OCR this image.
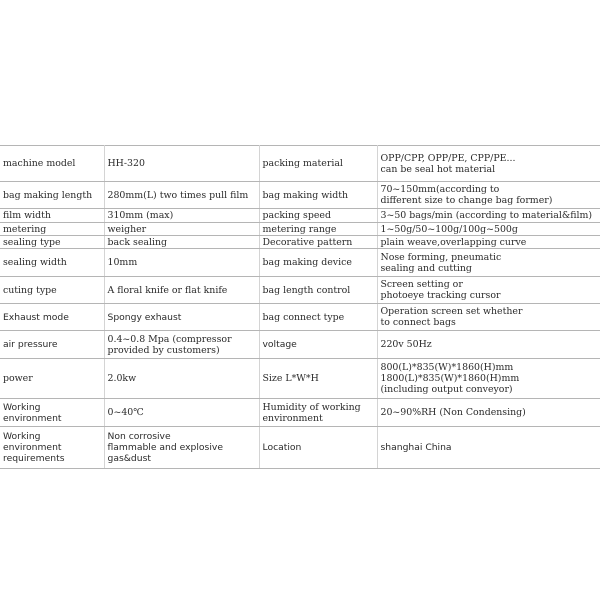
machine model	HH-320	packing material	OPP/CPP, OPP/PE, CPP/PE...
can be seal hot material
bag making length	280mm(L) two times pull film	bag making width	70~150mm(according to
different size to change bag former)
film width	310mm (max)	packing speed	3~50 bags/min (according to material&film)
metering	weigher	metering range	1~50g/50~100g/100g~500g
sealing type	back sealing	Decorative pattern	plain weave,overlapping curve
sealing width	10mm	bag making device	Nose forming, pneumatic
sealing and cutting
cuting type	A floral knife or flat knife	bag length control	Screen setting or
photoeye tracking cursor
Exhaust mode	Spongy exhaust	bag connect type	Operation screen set whether
to connect bags
air pressure	0.4~0.8 Mpa (compressor
provided by customers)	voltage	220v 50Hz
power	2.0kw	Size L*W*H	800(L)*835(W)*1860(H)mm
1800(L)*835(W)*1860(H)mm
(including output conveyor)
Working
environment	0~40℃	Humidity of working
environment	20~90%RH (Non Condensing)
Working
environment
requirements	Non corrosive
flammable and explosive
gas&dust	Location	shanghai China
